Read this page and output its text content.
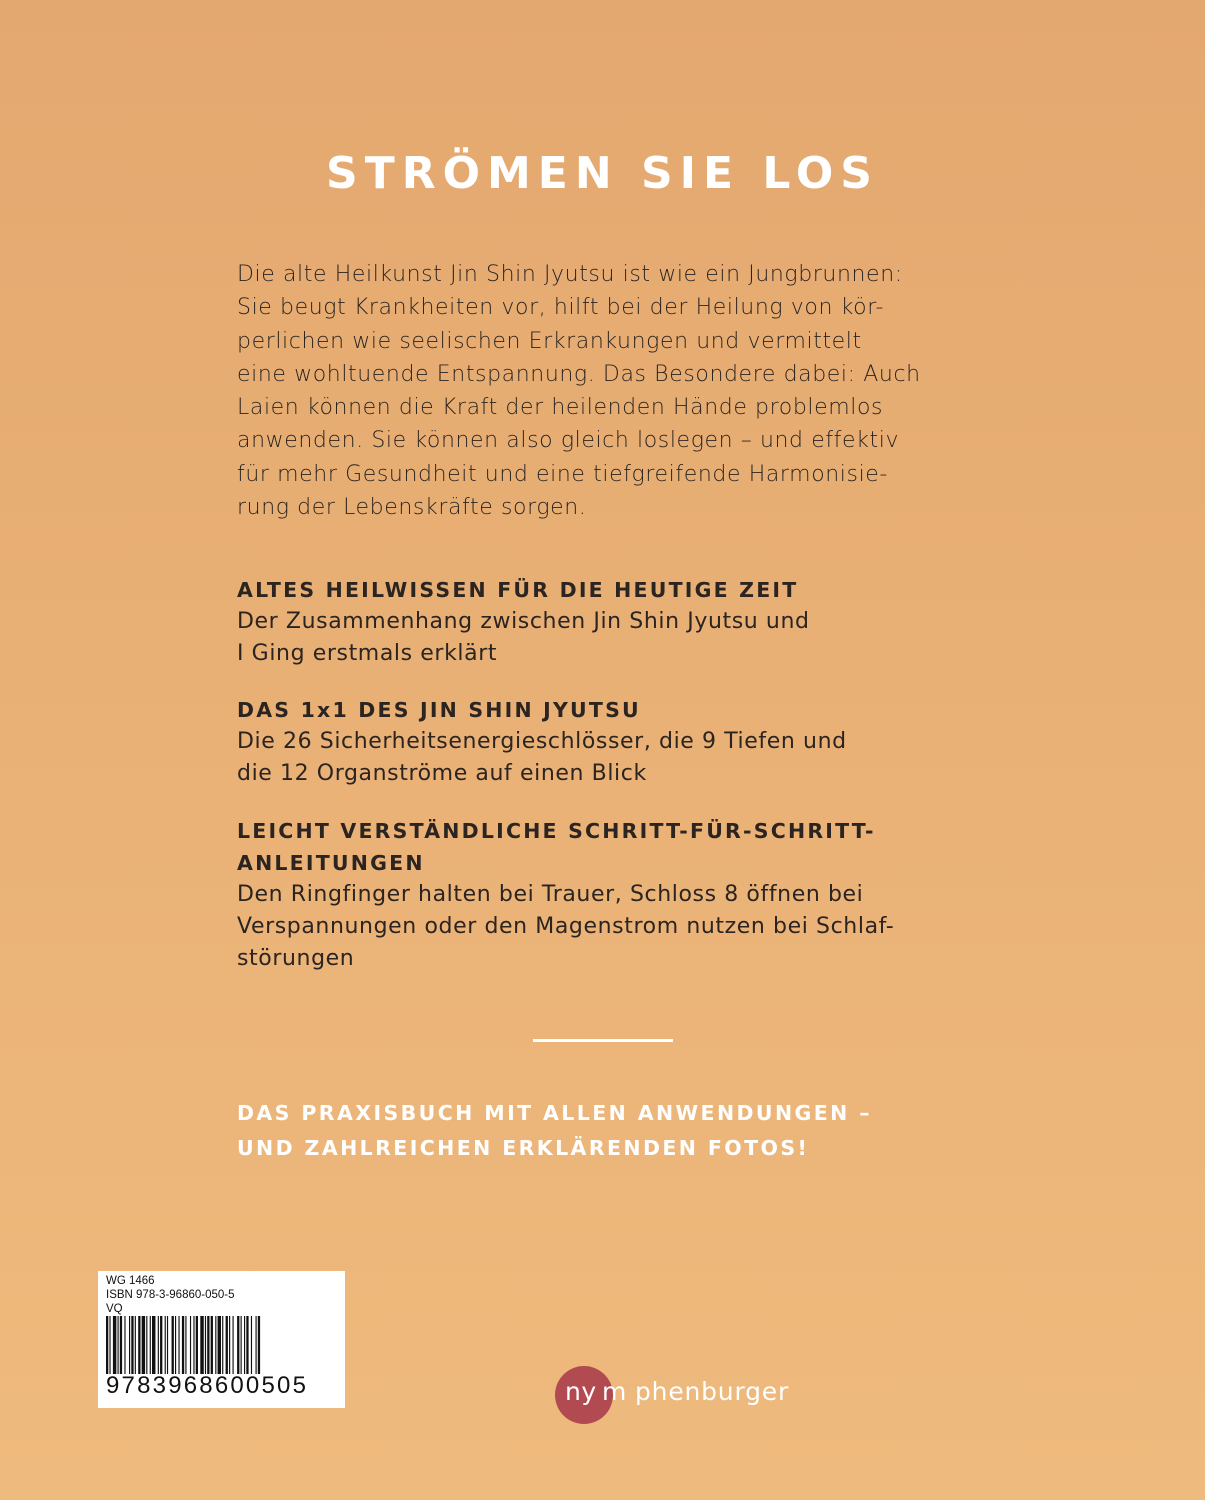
STRÖMEN SIE LOS
Die alte Heilkunst Jin Shin Jyutsu ist wie ein Jungbrunnen:
Sie beugt Krankheiten vor, hilft bei der Heilung von kör-
perlichen wie seelischen Erkrankungen und vermittelt
eine wohltuende Entspannung. Das Besondere dabei: Auch
Laien können die Kraft der heilenden Hände problemlos
anwenden. Sie können also gleich loslegen – und effektiv
für mehr Gesundheit und eine tiefgreifende Harmonisie-
rung der Lebenskräfte sorgen.
ALTES HEILWISSEN FÜR DIE HEUTIGE ZEIT
Der Zusammenhang zwischen Jin Shin Jyutsu und
I Ging erstmals erklärt
DAS 1x1 DES JIN SHIN JYUTSU
Die 26 Sicherheitsenergieschlösser, die 9 Tiefen und
die 12 Organströme auf einen Blick
LEICHT VERSTÄNDLICHE SCHRITT-FÜR-SCHRITT-
ANLEITUNGEN
Den Ringfinger halten bei Trauer, Schloss 8 öffnen bei
Verspannungen oder den Magenstrom nutzen bei Schlaf-
störungen
DAS PRAXISBUCH MIT ALLEN ANWENDUNGEN –
UND ZAHLREICHEN ERKLÄRENDEN FOTOS!
WG 1466
ISBN 978-3-96860-050-5
VQ
9783968600505	ny m phenburger
